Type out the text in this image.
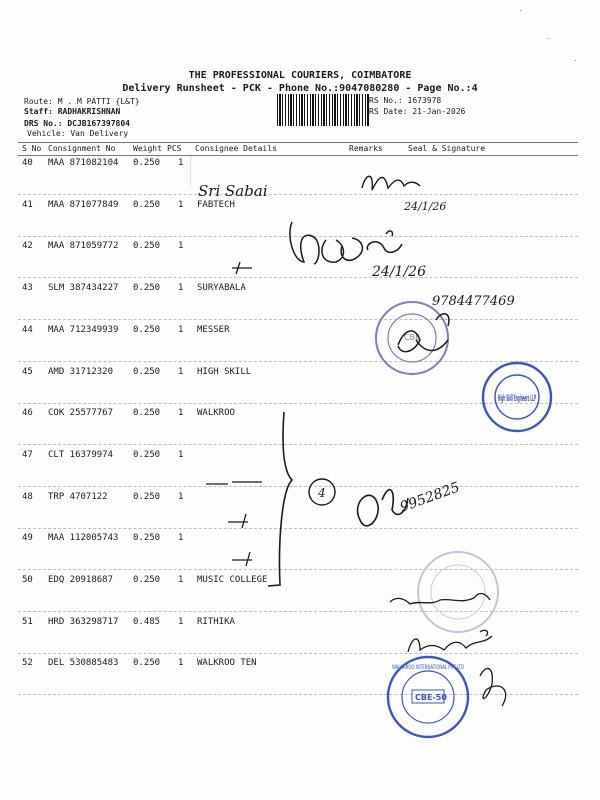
THE PROFESSIONAL COURIERS, COIMBATORE
Delivery Runsheet - PCK - Phone No.:9047080280 - Page No.:4
Route: M . M PATTI {L&T}
Staff: RADHAKRISHNAN
DRS No.: DCJB167397804
Vehicle: Van Delivery
RS No.: 1673978
RS Date: 21-Jan-2026
S No Consignment No Weight PCS Consignee Details	Remarks	Seal & Signature
40 MAA 871082104 0.250 1
41 MAA 871077849 0.250 1 FABTECH
42 MAA 871059772 0.250 1
43 SLM 387434227 0.250 1 SURYABALA
44 MAA 712349939 0.250 1 MESSER
45 AMD 31712320 0.250 1 HIGH SKILL
46 COK 25577767 0.250 1 WALKROO
47 CLT 16379974 0.250 1
48 TRP 4707122	0.250 1
49 MAA 112005743 0.250 1
50 EDQ 20918687 0.250 1 MUSIC COLLEGE
51 HRD 363298717 0.485 1 RITHIKA
52 DEL 530885483 0.250 1 WALKROO TEN
Sri Sabai
24/1/26
24/1/26
CBE
9784477469
High Skill Engineers LLP
4	9952825
CBE-50
WALKAROO INTERNATIONAL PVT LTD
